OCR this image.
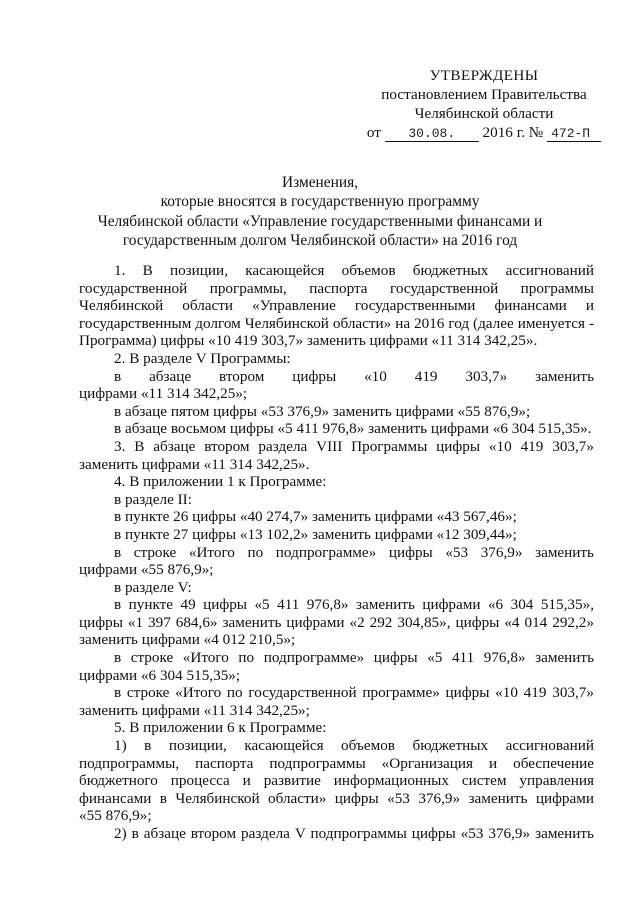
УТВЕРЖДЕНЫ
постановлением Правительства
Челябинской области
от 30.08. 2016 г. № 472-П
Изменения,
которые вносятся в государственную программу
Челябинской области «Управление государственными финансами и
государственным долгом Челябинской области» на 2016 год

1. В позиции, касающейся объемов бюджетных ассигнований

государственной программы, паспорта государственной программы

Челябинской области «Управление государственными финансами и

государственным долгом Челябинской области» на 2016 год (далее именуется -

Программа) цифры «10 419 303,7» заменить цифрами «11 314 342,25».

2. В разделе V Программы:

в абзаце втором цифры «10 419 303,7» заменить

цифрами «11 314 342,25»;

в абзаце пятом цифры «53 376,9» заменить цифрами «55 876,9»;

в абзаце восьмом цифры «5 411 976,8» заменить цифрами «6 304 515,35».

3. В абзаце втором раздела VIII Программы цифры «10 419 303,7»

заменить цифрами «11 314 342,25».

4. В приложении 1 к Программе:

в разделе II:

в пункте 26 цифры «40 274,7» заменить цифрами «43 567,46»;

в пункте 27 цифры «13 102,2» заменить цифрами «12 309,44»;

в строке «Итого по подпрограмме» цифры «53 376,9» заменить

цифрами «55 876,9»;

в разделе V:

в пункте 49 цифры «5 411 976,8» заменить цифрами «6 304 515,35»,

цифры «1 397 684,6» заменить цифрами «2 292 304,85», цифры «4 014 292,2»

заменить цифрами «4 012 210,5»;

в строке «Итого по подпрограмме» цифры «5 411 976,8» заменить

цифрами «6 304 515,35»;

в строке «Итого по государственной программе» цифры «10 419 303,7»

заменить цифрами «11 314 342,25»;

5. В приложении 6 к Программе:

1) в позиции, касающейся объемов бюджетных ассигнований

подпрограммы, паспорта подпрограммы «Организация и обеспечение

бюджетного процесса и развитие информационных систем управления

финансами в Челябинской области» цифры «53 376,9» заменить цифрами

«55 876,9»;

2) в абзаце втором раздела V подпрограммы цифры «53 376,9» заменить
